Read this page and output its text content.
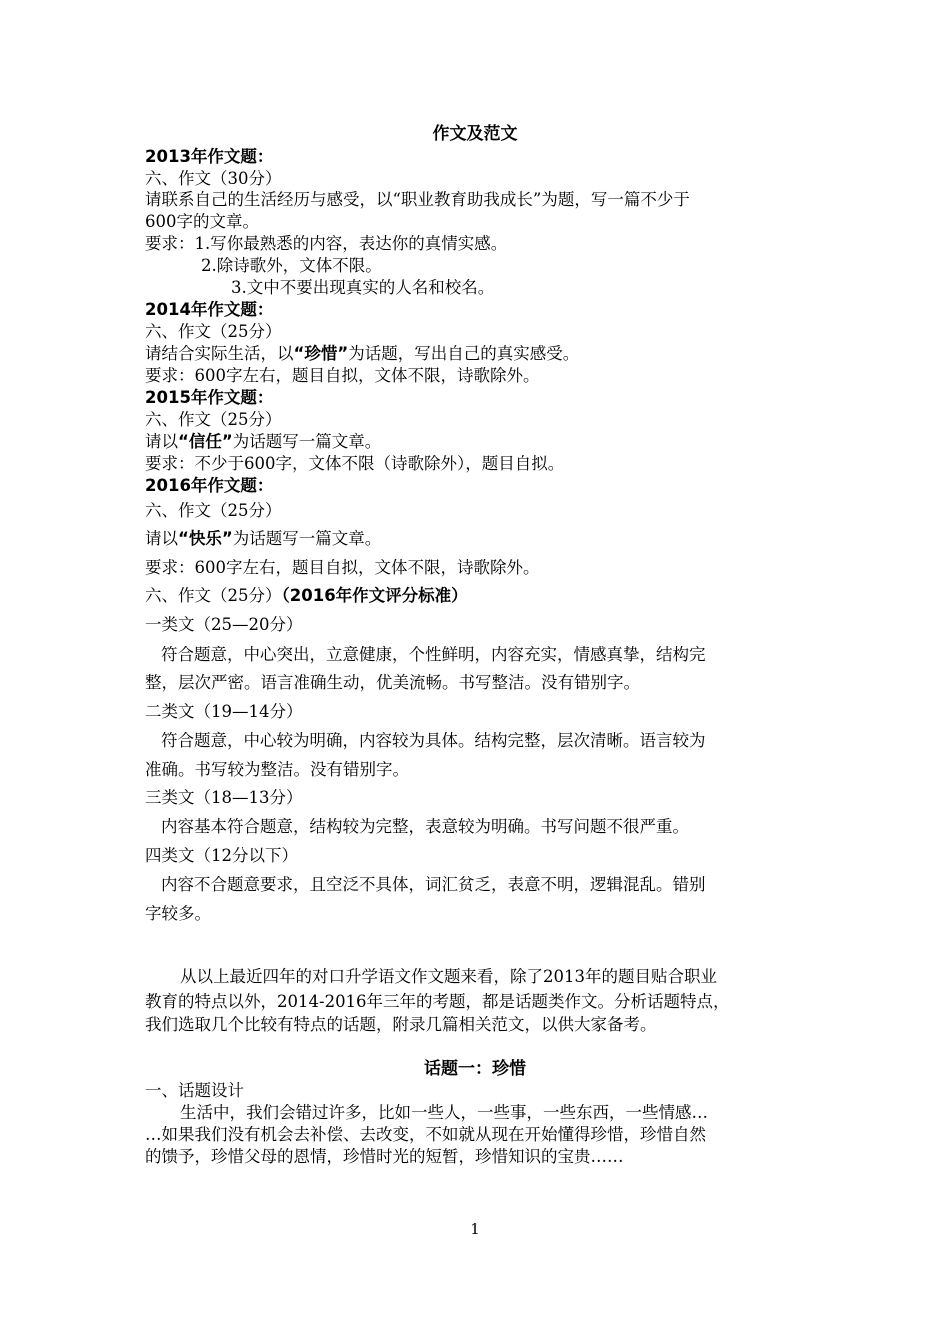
作文及范文
2013年作文题：
六、作文（30分）
请联系自己的生活经历与感受，以“职业教育助我成长”为题，写一篇不少于
600字的文章。
要求：1.写你最熟悉的内容，表达你的真情实感。
2.除诗歌外，文体不限。
3.文中不要出现真实的人名和校名。
2014年作文题：
六、作文（25分）
请结合实际生活，以“珍惜”为话题，写出自己的真实感受。
要求：600字左右，题目自拟，文体不限，诗歌除外。
2015年作文题：
六、作文（25分）
请以“信任”为话题写一篇文章。
要求：不少于600字，文体不限（诗歌除外），题目自拟。
2016年作文题：
六、作文（25分）
请以“快乐”为话题写一篇文章。
要求：600字左右，题目自拟，文体不限，诗歌除外。
六、作文（25分）（2016年作文评分标准）
一类文（25—20分）
符合题意，中心突出，立意健康，个性鲜明，内容充实，情感真挚，结构完
整，层次严密。语言准确生动，优美流畅。书写整洁。没有错别字。
二类文（19—14分）
符合题意，中心较为明确，内容较为具体。结构完整，层次清晰。语言较为
准确。书写较为整洁。没有错别字。
三类文（18—13分）
内容基本符合题意，结构较为完整，表意较为明确。书写问题不很严重。
四类文（12分以下）
内容不合题意要求，且空泛不具体，词汇贫乏，表意不明，逻辑混乱。错别
字较多。
从以上最近四年的对口升学语文作文题来看，除了2013年的题目贴合职业
教育的特点以外，2014-2016年三年的考题，都是话题类作文。分析话题特点，
我们选取几个比较有特点的话题，附录几篇相关范文，以供大家备考。
话题一：珍惜
一、话题设计
生活中，我们会错过许多，比如一些人，一些事，一些东西，一些情感…
…如果我们没有机会去补偿、去改变，不如就从现在开始懂得珍惜，珍惜自然
的馈予，珍惜父母的恩情，珍惜时光的短暂，珍惜知识的宝贵……
1
